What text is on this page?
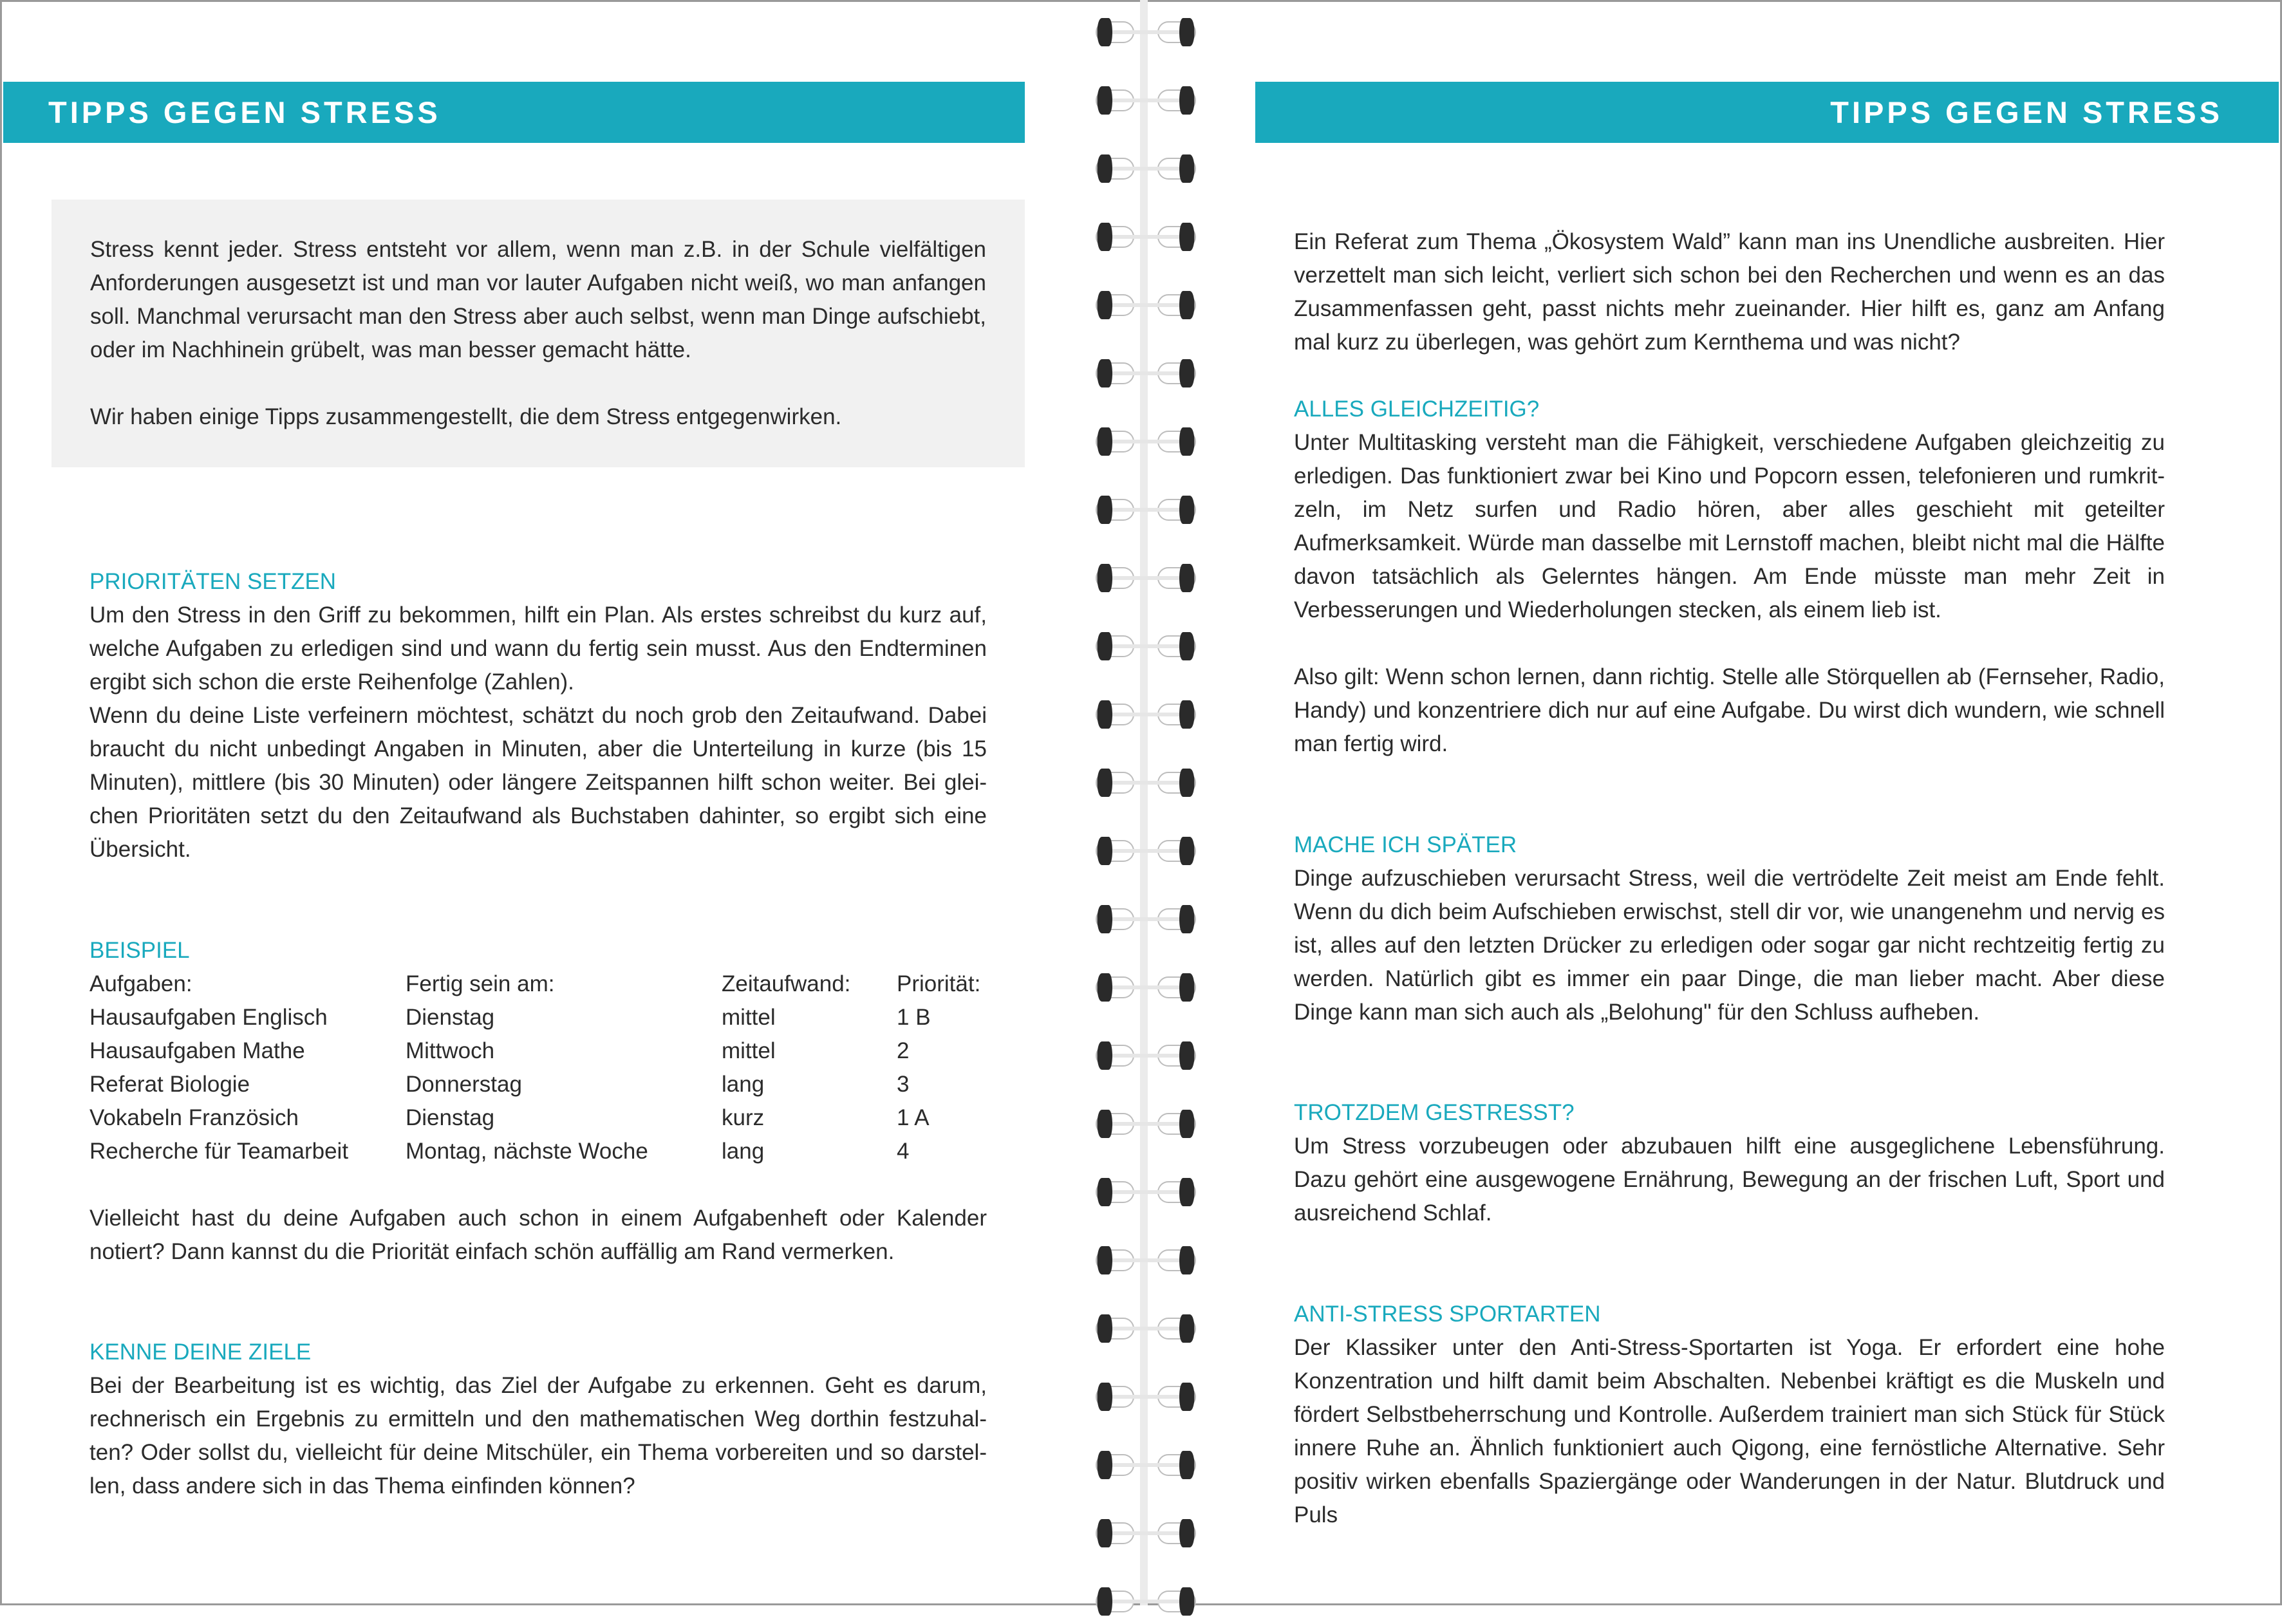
TIPPS GEGEN STRESS

Stress kennt jeder. Stress entsteht vor allem, wenn man z.B. in der Schule vielfältigen Anforderungen ausgesetzt ist und man vor lauter Aufgaben nicht weiß, wo man anfangen soll. Manchmal verursacht man den Stress aber auch selbst, wenn man Dinge aufschiebt, oder im Nachhinein grübelt, was man besser gemacht hätte.

Wir haben einige Tipps zusammengestellt, die dem Stress entgegenwirken.

PRIORITÄTEN SETZEN

Um den Stress in den Griff zu bekommen, hilft ein Plan. Als erstes schreibst du kurz auf, welche Aufgaben zu erledigen sind und wann du fertig sein musst. Aus den Endterminen ergibt sich schon die erste Reihenfolge (Zahlen).

Wenn du deine Liste verfeinern möchtest, schätzt du noch grob den Zeitaufwand. Dabei braucht du nicht unbedingt Angaben in Minuten, aber die Unterteilung in kurze (bis 15 Minuten), mittlere (bis 30 Minuten) oder längere Zeitspannen hilft schon weiter. Bei gleichen Prioritäten setzt du den Zeitaufwand als Buchstaben dahinter, so ergibt sich eine Übersicht.

BEISPIEL

Aufgaben:	Fertig sein am:	Zeitaufwand:	Priorität:
Hausaufgaben Englisch	Dienstag	mittel	1 B
Hausaufgaben Mathe	Mittwoch	mittel	2
Referat Biologie	Donnerstag	lang	3
Vokabeln Französich	Dienstag	kurz	1 A
Recherche für Teamarbeit	Montag, nächste Woche	lang	4

Vielleicht hast du deine Aufgaben auch schon in einem Aufgabenheft oder Kalender notiert? Dann kannst du die Priorität einfach schön auffällig am Rand vermerken.

KENNE DEINE ZIELE

Bei der Bearbeitung ist es wichtig, das Ziel der Aufgabe zu erkennen. Geht es darum, rechnerisch ein Ergebnis zu ermitteln und den mathematischen Weg dorthin festzuhalten? Oder sollst du, vielleicht für deine Mitschüler, ein Thema vorbereiten und so darstellen, dass andere sich in das Thema einfinden können?

TIPPS GEGEN STRESS

Ein Referat zum Thema „Ökosystem Wald” kann man ins Unendliche ausbreiten. Hier verzettelt man sich leicht, verliert sich schon bei den Recherchen und wenn es an das Zusammenfassen geht, passt nichts mehr zueinander. Hier hilft es, ganz am Anfang mal kurz zu überlegen, was gehört zum Kernthema und was nicht?

ALLES GLEICHZEITIG?

Unter Multitasking versteht man die Fähigkeit, verschiedene Aufgaben gleichzeitig zu erledigen. Das funktioniert zwar bei Kino und Popcorn essen, telefonieren und rumkritzeln, im Netz surfen und Radio hören, aber alles geschieht mit geteilter Aufmerksamkeit. Würde man dasselbe mit Lernstoff machen, bleibt nicht mal die Hälfte davon tatsächlich als Gelerntes hängen. Am Ende müsste man mehr Zeit in Verbesserungen und Wiederholungen stecken, als einem lieb ist.

Also gilt: Wenn schon lernen, dann richtig. Stelle alle Störquellen ab (Fernseher, Radio, Handy) und konzentriere dich nur auf eine Aufgabe. Du wirst dich wundern, wie schnell man fertig wird.

MACHE ICH SPÄTER

Dinge aufzuschieben verursacht Stress, weil die vertrödelte Zeit meist am Ende fehlt. Wenn du dich beim Aufschieben erwischst, stell dir vor, wie unangenehm und nervig es ist, alles auf den letzten Drücker zu erledigen oder sogar gar nicht rechtzeitig fertig zu werden. Natürlich gibt es immer ein paar Dinge, die man lieber macht. Aber diese Dinge kann man sich auch als „Belohung" für den Schluss aufheben.

TROTZDEM GESTRESST?

Um Stress vorzubeugen oder abzubauen hilft eine ausgeglichene Lebensführung. Dazu gehört eine ausgewogene Ernährung, Bewegung an der frischen Luft, Sport und ausreichend Schlaf.

ANTI-STRESS SPORTARTEN

Der Klassiker unter den Anti-Stress-Sportarten ist Yoga. Er erfordert eine hohe Konzentration und hilft damit beim Abschalten. Nebenbei kräftigt es die Muskeln und fördert Selbstbeherrschung und Kontrolle. Außerdem trainiert man sich Stück für Stück innere Ruhe an. Ähnlich funktioniert auch Qigong, eine fernöstliche Alternative. Sehr positiv wirken ebenfalls Spaziergänge oder Wanderungen in der Natur. Blutdruck und Puls
